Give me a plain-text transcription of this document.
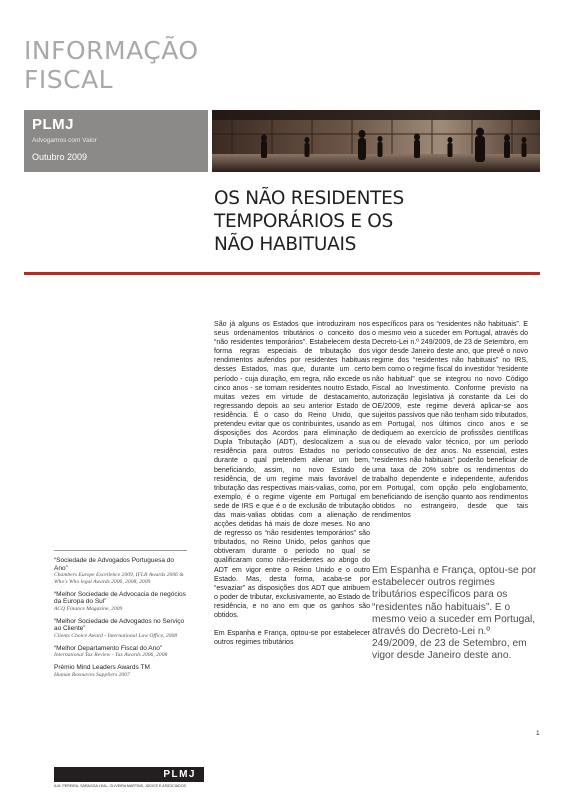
INFORMAÇÃO
FISCAL
PLMJ
Advogamos com Valor
Outubro 2009
OS NÃO RESIDENTES
TEMPORÁRIOS E OS
NÃO HABITUAIS

São já alguns os Estados que introduziram nos seus ordenamentos tributários o conceito dos “não residentes temporários”. Estabelecem desta forma regras especiais de tributação dos rendimentos auferidos por residentes habituais desses Estados, mas que, durante um certo período - cuja duração, em regra, não excede os cinco anos - se tornam residentes noutro Estado, muitas vezes em virtude de destacamento, regressando depois ao seu anterior Estado de residência. É o caso do Reino Unido, que pretendeu evitar que os contribuintes, usando as disposições dos Acordos para eliminação de Dupla Tributação (ADT), deslocalizem a sua residência para outros Estados no período durante o qual pretendem alienar um bem, beneficiando, assim, no novo Estado de residência, de um regime mais favorável de tributação das respectivas mais-valias, como, por exemplo, é o regime vigente em Portugal em sede de IRS e que é o de exclusão de tributação das mais-valias obtidas com a alienação de acções detidas há mais de doze meses. No ano de regresso os “não residentes temporários” são tributados, no Reino Unido, pelos ganhos que obtiveram durante o período no qual se qualificaram como não-residentes ao abrigo do ADT em vigor entre o Reino Unido e o outro Estado. Mas, desta forma, acaba-se por “esvaziar” as disposições dos ADT que atribuem o poder de tributar, exclusivamente, ao Estado de residência, e no ano em que os ganhos são obtidos.

Em Espanha e França, optou-se por estabelecer outros regimes tributários

específicos para os “residentes não habituais”. E o mesmo veio a suceder em Portugal, através do Decreto-Lei n.º 249/2009, de 23 de Setembro, em vigor desde Janeiro deste ano, que prevê o novo regime dos “residentes não habituais” no IRS, bem como o regime fiscal do investidor “residente não habitual” que se integrou no novo Código Fiscal ao Investimento. Conforme previsto na autorização legislativa já constante da Lei do OE/2009, este regime deverá aplicar-se aos sujeitos passivos que não tenham sido tributados, em Portugal, nos últimos cinco anos e se dediquem ao exercício de profissões científicas ou de elevado valor técnico, por um período consecutivo de dez anos. No essencial, estes “residentes não habituais” poderão beneficiar de uma taxa de 20% sobre os rendimentos do trabalho dependente e independente, auferidos em Portugal, com opção pelo englobamento, beneficiando de isenção quanto aos rendimentos obtidos no estrangeiro, desde que tais rendimentos

Em Espanha e França, optou-se por estabelecer outros regimes tributários específicos para os “residentes não habituais”. E o mesmo veio a suceder em Portugal, através do Decreto-Lei n.º 249/2009, de 23 de Setembro, em vigor desde Janeiro deste ano.
“Sociedade de Advogados Portuguesa do Ano”
Chambers Europe Excellence 2009, IFLR Awards 2006 & Who's Who legal Awards 2006, 2008, 2009
“Melhor Sociedade de Advocacia de negócios da Europa do Sul”
ACQ Finance Magazine, 2009
“Melhor Sociedade de Advogados no Serviço ao Cliente”
Clients Choice Award - International Law Office, 2008
“Melhor Departamento Fiscal do Ano”
International Tax Review - Tax Awards 2006, 2008
Prémio Mind Leaders Awards TM
Human Resources Suppliers 2007
PLMJ
A.M. PEREIRA, SÁRAGGA LEAL, OLIVEIRA MARTINS, JÚDICE E ASSOCIADOS
1
